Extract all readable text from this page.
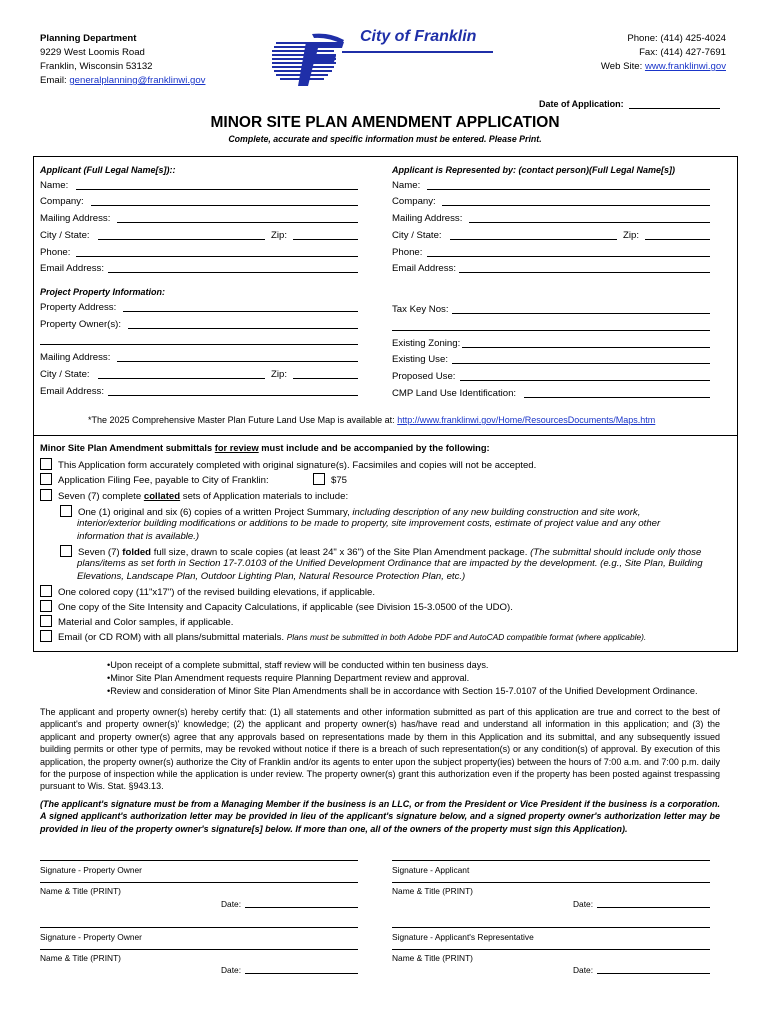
Planning Department
9229 West Loomis Road
Franklin, Wisconsin 53132
Email: generalplanning@franklinwi.gov
City of Franklin	Phone: (414) 425-4024
Fax: (414) 427-7691
Web Site: www.franklinwi.gov
Date of Application:
MINOR SITE PLAN AMENDMENT APPLICATION
Complete, accurate and specific information must be entered. Please Print.
Applicant (Full Legal Name[s])::
Name:
Company:
Mailing Address:
City / State:	Zip:
Phone:
Email Address:
Applicant is Represented by: (contact person)(Full Legal Name[s])
Name:
Company:
Mailing Address:
City / State:	Zip:
Phone:
Email Address:
Project Property Information:
Property Address:
Property Owner(s):
Mailing Address:
City / State:	Zip:
Email Address:
Tax Key Nos:
Existing Zoning:
Existing Use:
Proposed Use:
CMP Land Use Identification:
*The 2025 Comprehensive Master Plan Future Land Use Map is available at: http://www.franklinwi.gov/Home/ResourcesDocuments/Maps.htm
Minor Site Plan Amendment submittals for review must include and be accompanied by the following:
This Application form accurately completed with original signature(s). Facsimiles and copies will not be accepted.
Application Filing Fee, payable to City of Franklin:	$75
Seven (7) complete collated sets of Application materials to include:
One (1) original and six (6) copies of a written Project Summary, including description of any new building construction and site work,
interior/exterior building modifications or additions to be made to property, site improvement costs, estimate of project value and any other
information that is available.)
Seven (7) folded full size, drawn to scale copies (at least 24" x 36") of the Site Plan Amendment package. (The submittal should include only those
plans/items as set forth in Section 17-7.0103 of the Unified Development Ordinance that are impacted by the development. (e.g., Site Plan, Building
Elevations, Landscape Plan, Outdoor Lighting Plan, Natural Resource Protection Plan, etc.)
One colored copy (11"x17") of the revised building elevations, if applicable.
One copy of the Site Intensity and Capacity Calculations, if applicable (see Division 15-3.0500 of the UDO).
Material and Color samples, if applicable.
Email (or CD ROM) with all plans/submittal materials. Plans must be submitted in both Adobe PDF and AutoCAD compatible format (where applicable).
•Upon receipt of a complete submittal, staff review will be conducted within ten business days.
•Minor Site Plan Amendment requests require Planning Department review and approval.
•Review and consideration of Minor Site Plan Amendments shall be in accordance with Section 15-7.0107 of the Unified Development Ordinance.
The applicant and property owner(s) hereby certify that: (1) all statements and other information submitted as part of this application are true and correct to the best of applicant's and property owner(s)' knowledge; (2) the applicant and property owner(s) has/have read and understand all information in this application; and (3) the applicant and property owner(s) agree that any approvals based on representations made by them in this Application and its submittal, and any subsequently issued building permits or other type of permits, may be revoked without notice if there is a breach of such representation(s) or any condition(s) of approval. By execution of this application, the property owner(s) authorize the City of Franklin and/or its agents to enter upon the subject property(ies) between the hours of 7:00 a.m. and 7:00 p.m. daily for the purpose of inspection while the application is under review. The property owner(s) grant this authorization even if the property has been posted against trespassing pursuant to Wis. Stat. §943.13.
(The applicant's signature must be from a Managing Member if the business is an LLC, or from the President or Vice President if the business is a corporation. A signed applicant's authorization letter may be provided in lieu of the applicant's signature below, and a signed property owner's authorization letter may be provided in lieu of the property owner's signature[s] below. If more than one, all of the owners of the property must sign this Application).
Signature - Property Owner
Name & Title (PRINT)
Date:
Signature - Applicant
Name & Title (PRINT)
Date:
Signature - Property Owner
Name & Title (PRINT)
Date:
Signature - Applicant's Representative
Name & Title (PRINT)
Date:
